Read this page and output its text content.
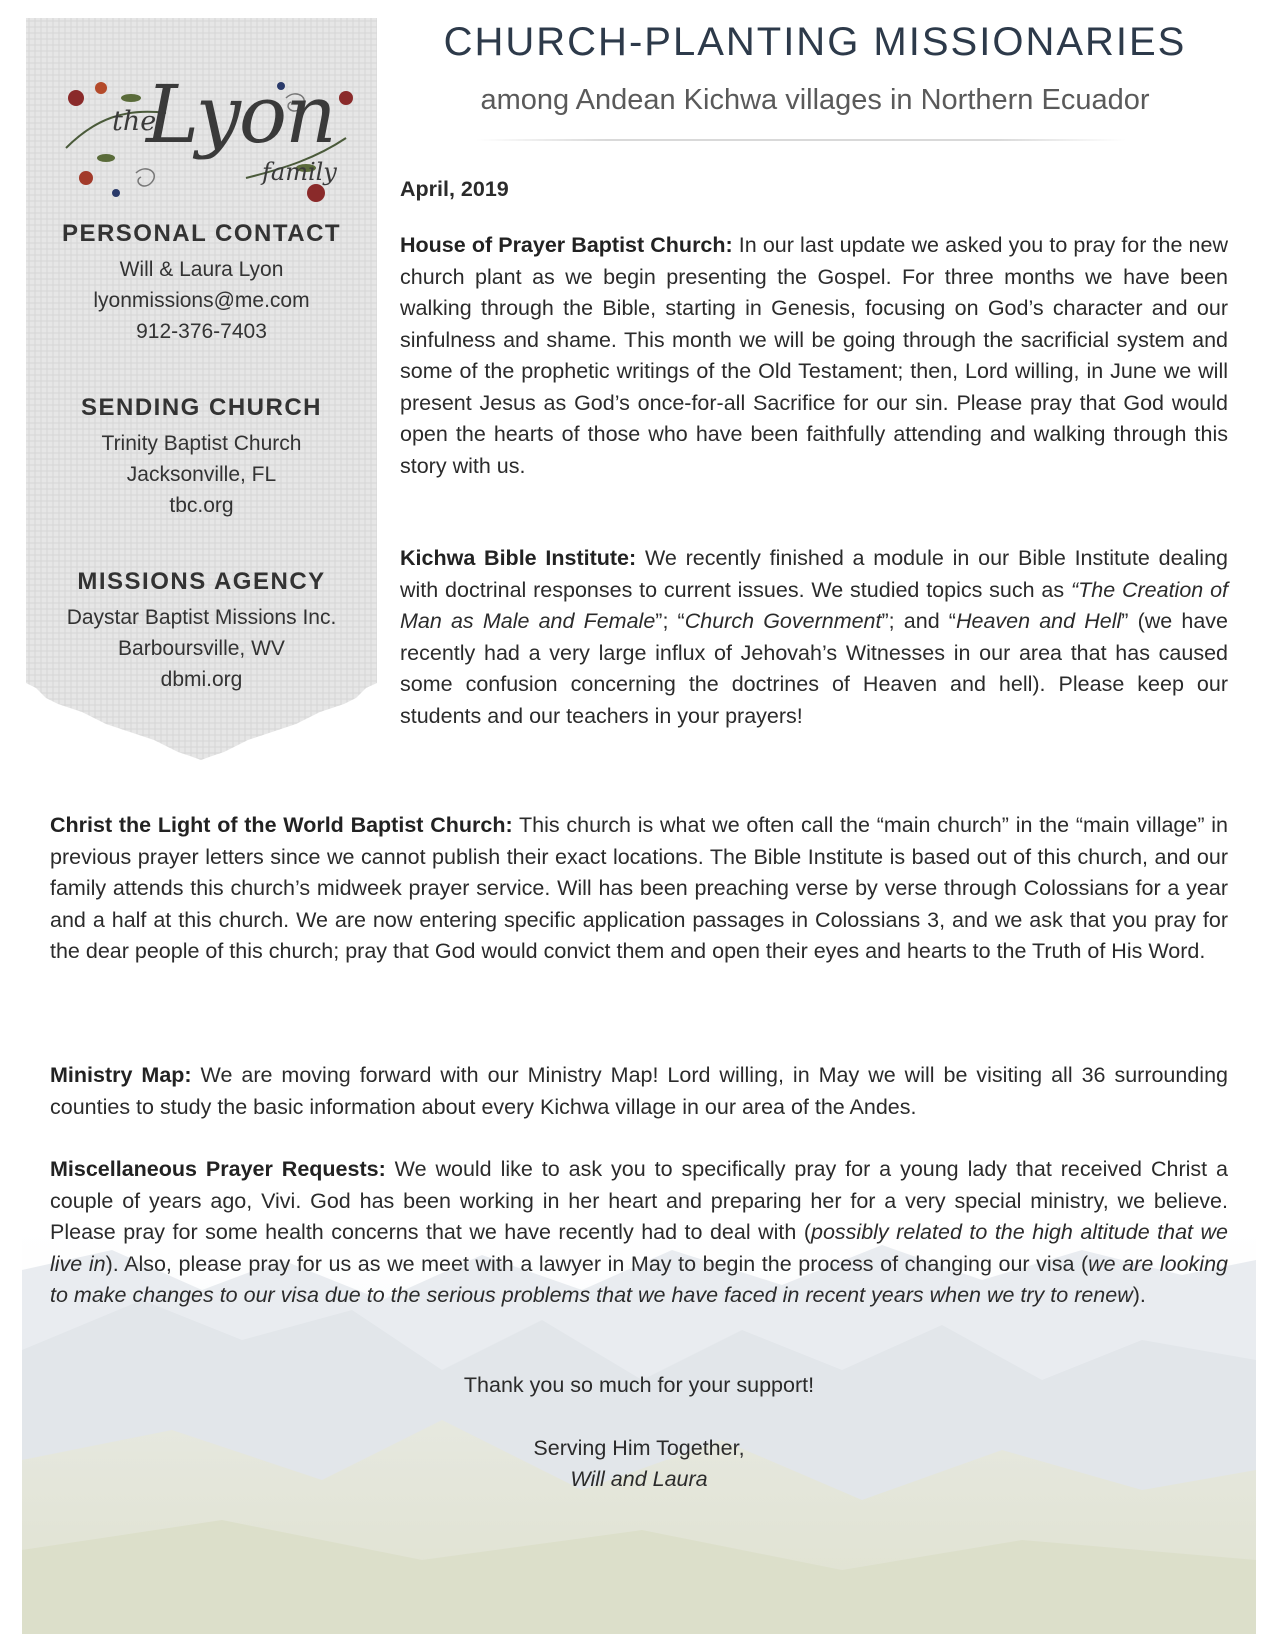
the
Lyon
family
PERSONAL CONTACT
Will & Laura Lyon
lyonmissions@me.com
912-376-7403
SENDING CHURCH
Trinity Baptist Church
Jacksonville, FL
tbc.org
MISSIONS AGENCY
Daystar Baptist Missions Inc.
Barboursville, WV
dbmi.org
CHURCH-PLANTING MISSIONARIES
among Andean Kichwa villages in Northern Ecuador
April, 2019
House of Prayer Baptist Church: In our last update we asked you to pray for the new church plant as we begin presenting the Gospel. For three months we have been walking through the Bible, starting in Genesis, focusing on God’s character and our sinfulness and shame. This month we will be going through the sacrificial system and some of the prophetic writings of the Old Testament; then, Lord willing, in June we will present Jesus as God’s once-for-all Sacrifice for our sin. Please pray that God would open the hearts of those who have been faithfully attending and walking through this story with us.
Kichwa Bible Institute: We recently finished a module in our Bible Institute dealing with doctrinal responses to current issues. We studied topics such as “The Creation of Man as Male and Female”; “Church Government”; and “Heaven and Hell” (we have recently had a very large influx of Jehovah’s Witnesses in our area that has caused some confusion concerning the doctrines of Heaven and hell). Please keep our students and our teachers in your prayers!
Christ the Light of the World Baptist Church: This church is what we often call the “main church” in the “main village” in previous prayer letters since we cannot publish their exact locations. The Bible Institute is based out of this church, and our family attends this church’s midweek prayer service. Will has been preaching verse by verse through Colossians for a year and a half at this church. We are now entering specific application passages in Colossians 3, and we ask that you pray for the dear people of this church; pray that God would convict them and open their eyes and hearts to the Truth of His Word.
Ministry Map: We are moving forward with our Ministry Map! Lord willing, in May we will be visiting all 36 surrounding counties to study the basic information about every Kichwa village in our area of the Andes.
Miscellaneous Prayer Requests: We would like to ask you to specifically pray for a young lady that received Christ a couple of years ago, Vivi. God has been working in her heart and preparing her for a very special ministry, we believe. Please pray for some health concerns that we have recently had to deal with (possibly related to the high altitude that we live in). Also, please pray for us as we meet with a lawyer in May to begin the process of changing our visa (we are looking to make changes to our visa due to the serious problems that we have faced in recent years when we try to renew).
Thank you so much for your support!
Serving Him Together,
Will and Laura
